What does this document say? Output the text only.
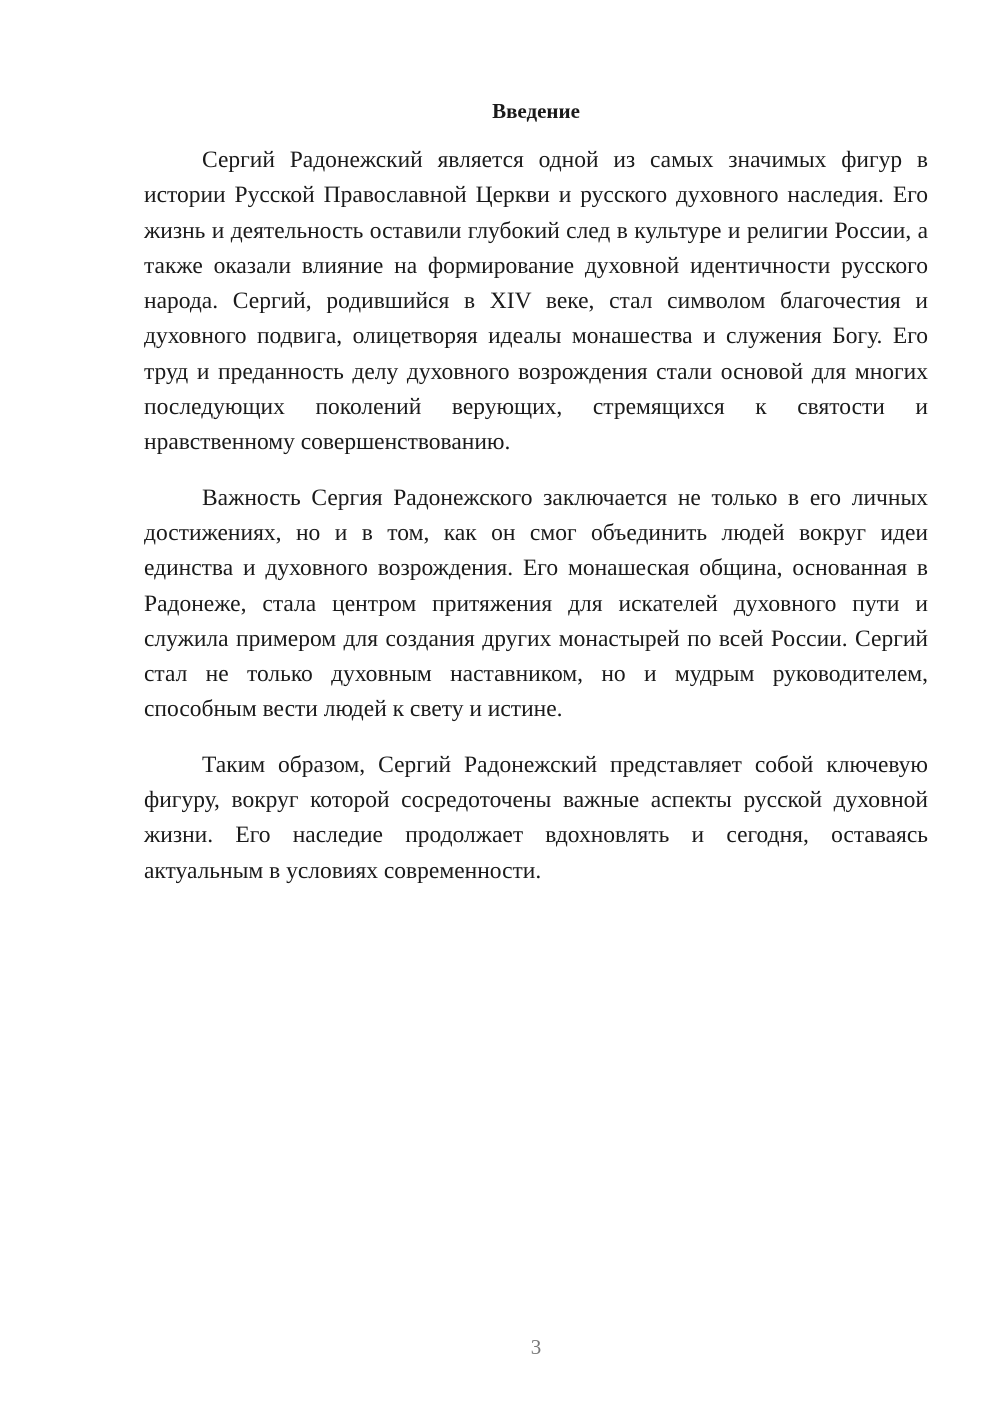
Введение

Сергий Радонежский является одной из самых значимых фигур в истории Русской Православной Церкви и русского духовного наследия. Его жизнь и деятельность оставили глубокий след в культуре и религии России, а также оказали влияние на формирование духовной идентичности русского народа. Сергий, родившийся в XIV веке, стал символом благочестия и духовного подвига, олицетворяя идеалы монашества и служения Богу. Его труд и преданность делу духовного возрождения стали основой для многих последующих поколений верующих, стремящихся к святости и нравственному совершенствованию.

Важность Сергия Радонежского заключается не только в его личных достижениях, но и в том, как он смог объединить людей вокруг идеи единства и духовного возрождения. Его монашеская община, основанная в Радонеже, стала центром притяжения для искателей духовного пути и служила примером для создания других монастырей по всей России. Сергий стал не только духовным наставником, но и мудрым руководителем, способным вести людей к свету и истине.

Таким образом, Сергий Радонежский представляет собой ключевую фигуру, вокруг которой сосредоточены важные аспекты русской духовной жизни. Его наследие продолжает вдохновлять и сегодня, оставаясь актуальным в условиях современности.

3
